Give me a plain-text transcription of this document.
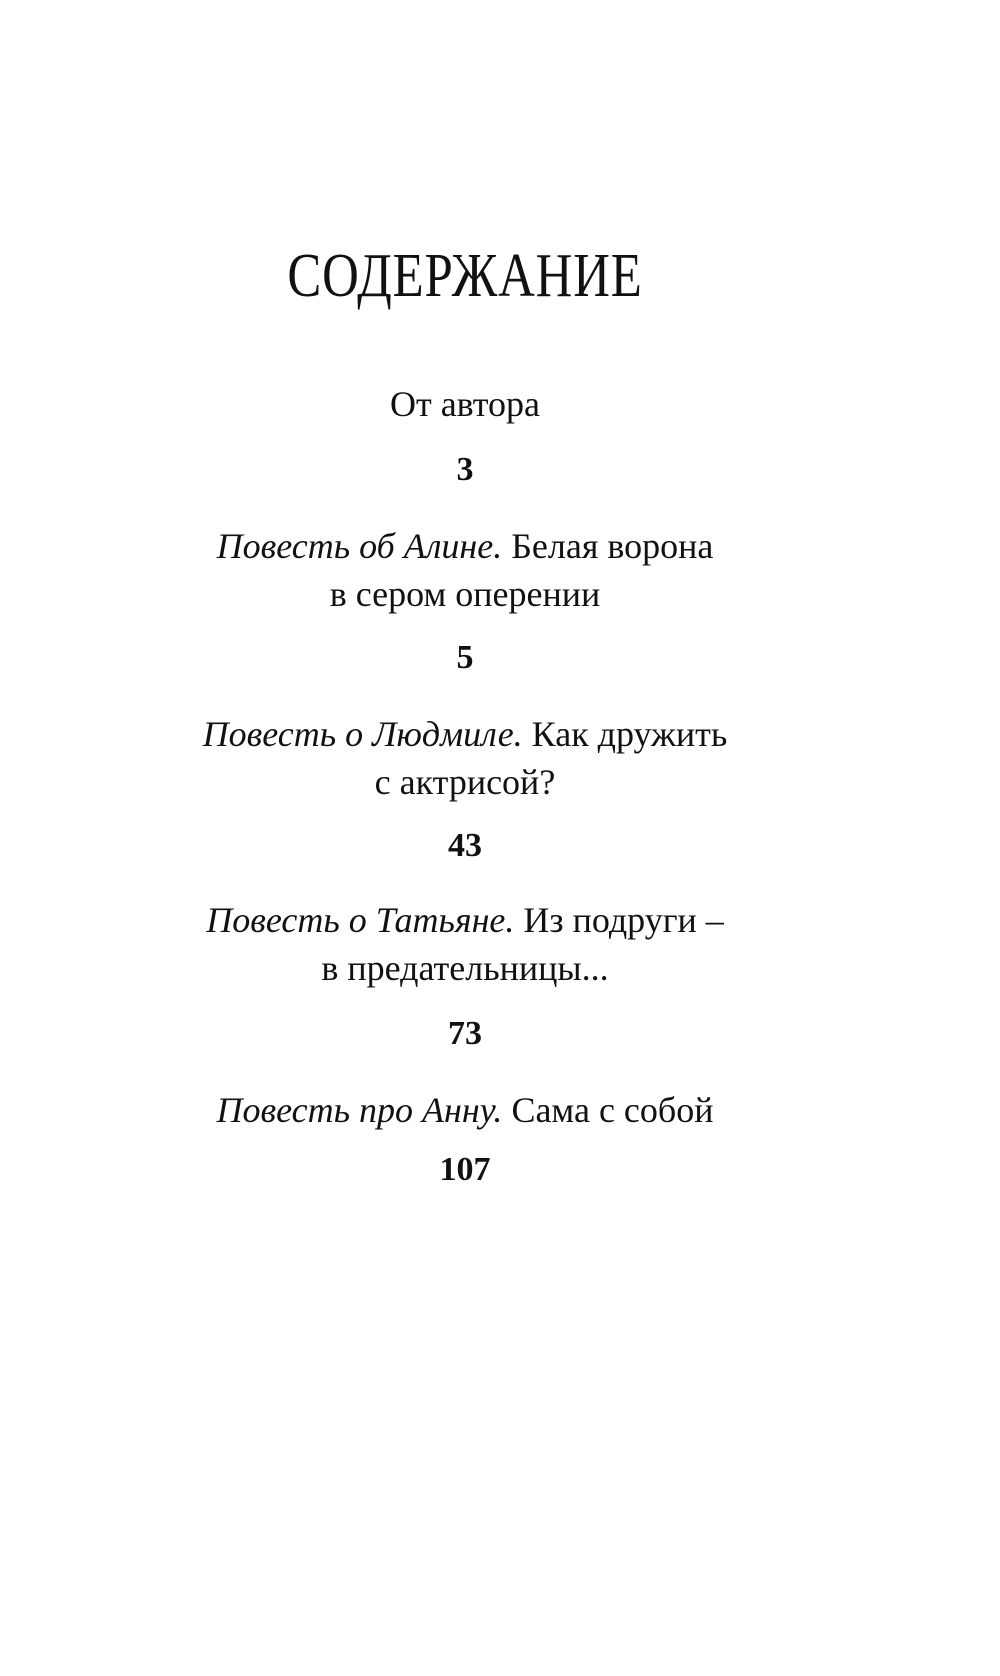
СОДЕРЖАНИЕ
От автора
3
Повесть об Алине. Белая ворона
в сером оперении
5
Повесть о Людмиле. Как дружить
с актрисой?
43
Повесть о Татьяне. Из подруги –
в предательницы...
73
Повесть про Анну. Сама с собой
107
